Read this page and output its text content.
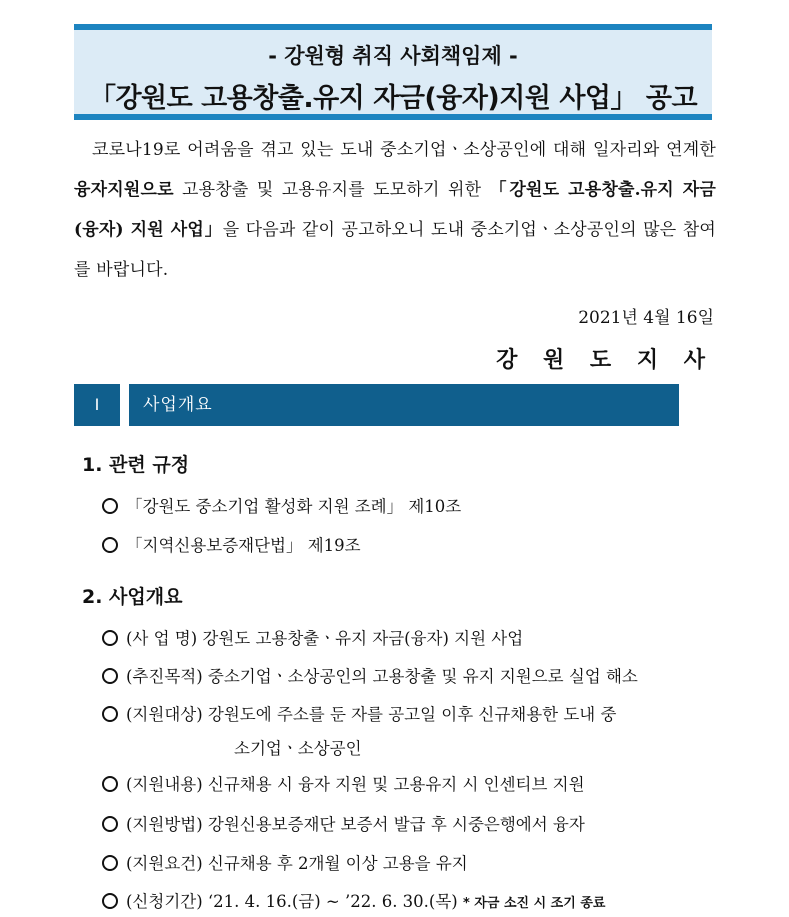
- 강원형 취직 사회책임제 -
「강원도 고용창출.유지 자금(융자)지원 사업」 공고
코로나19로 어려움을 겪고 있는 도내 중소기업ㆍ소상공인에 대해 일자리와 연계한 융자지원으로 고용창출 및 고용유지를 도모하기 위한 「강원도 고용창출.유지 자금(융자) 지원 사업」을 다음과 같이 공고하오니 도내 중소기업ㆍ소상공인의 많은 참여를 바랍니다.
2021년 4월 16일
강 원 도 지 사
Ⅰ	사업개요
1. 관련 규정
「강원도 중소기업 활성화 지원 조례」 제10조
「지역신용보증재단법」 제19조
2. 사업개요
(사 업 명) 강원도 고용창출ㆍ유지 자금(융자) 지원 사업
(추진목적) 중소기업ㆍ소상공인의 고용창출 및 유지 지원으로 실업 해소
(지원대상) 강원도에 주소를 둔 자를 공고일 이후 신규채용한 도내 중
소기업ㆍ소상공인
(지원내용) 신규채용 시 융자 지원 및 고용유지 시 인센티브 지원
(지원방법) 강원신용보증재단 보증서 발급 후 시중은행에서 융자
(지원요건) 신규채용 후 2개월 이상 고용을 유지
(신청기간) ‘21. 4. 16.(금) ~ ’22. 6. 30.(목) * 자금 소진 시 조기 종료
